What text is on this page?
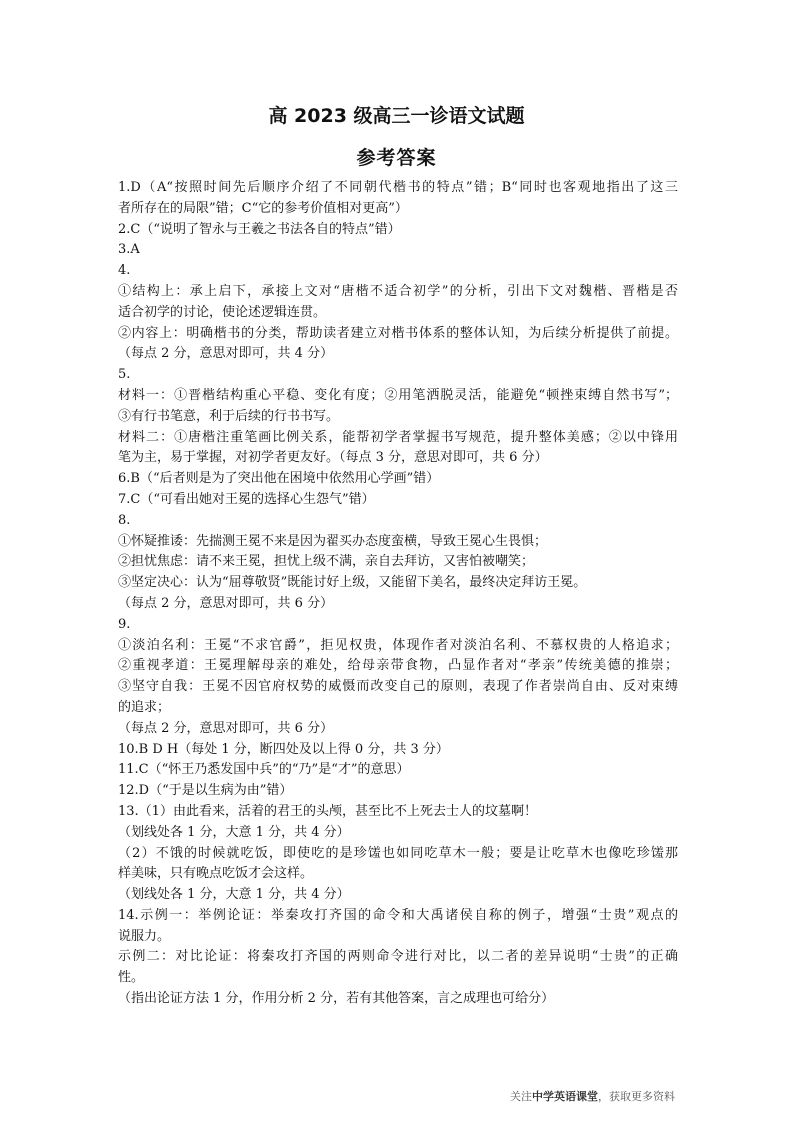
高 2023 级高三一诊语文试题
参考答案
1.D（A“按照时间先后顺序介绍了不同朝代楷书的特点”错；B“同时也客观地指出了这三
者所存在的局限”错；C“它的参考价值相对更高”）
2.C（“说明了智永与王羲之书法各自的特点”错）
3.A
4.
①结构上：承上启下，承接上文对“唐楷不适合初学”的分析，引出下文对魏楷、晋楷是否
适合初学的讨论，使论述逻辑连贯。
②内容上：明确楷书的分类，帮助读者建立对楷书体系的整体认知，为后续分析提供了前提。
（每点 2 分，意思对即可，共 4 分）
5.
材料一：①晋楷结构重心平稳、变化有度；②用笔洒脱灵活，能避免“顿挫束缚自然书写”；
③有行书笔意，利于后续的行书书写。
材料二：①唐楷注重笔画比例关系，能帮初学者掌握书写规范，提升整体美感；②以中锋用
笔为主，易于掌握，对初学者更友好。（每点 3 分，意思对即可，共 6 分）
6.B（“后者则是为了突出他在困境中依然用心学画”错）
7.C（“可看出她对王冕的选择心生怨气”错）
8.
①怀疑推诿：先揣测王冕不来是因为翟买办态度蛮横，导致王冕心生畏惧；
②担忧焦虑：请不来王冕，担忧上级不满，亲自去拜访，又害怕被嘲笑；
③坚定决心：认为“屈尊敬贤”既能讨好上级，又能留下美名，最终决定拜访王冕。
（每点 2 分，意思对即可，共 6 分）
9.
①淡泊名利：王冕“不求官爵”，拒见权贵，体现作者对淡泊名利、不慕权贵的人格追求；
②重视孝道：王冕理解母亲的难处，给母亲带食物，凸显作者对“孝亲”传统美德的推崇；
③坚守自我：王冕不因官府权势的威慑而改变自己的原则，表现了作者崇尚自由、反对束缚
的追求；
（每点 2 分，意思对即可，共 6 分）
10.B D H（每处 1 分，断四处及以上得 0 分，共 3 分）
11.C（“怀王乃悉发国中兵”的“乃”是“才”的意思）
12.D（“于是以生病为由”错）
13.（1）由此看来，活着的君王的头颅，甚至比不上死去士人的坟墓啊！
（划线处各 1 分，大意 1 分，共 4 分）
（2）不饿的时候就吃饭，即使吃的是珍馐也如同吃草木一般；要是让吃草木也像吃珍馐那
样美味，只有晚点吃饭才会这样。
（划线处各 1 分，大意 1 分，共 4 分）
14.示例一：举例论证：举秦攻打齐国的命令和大禹诸侯自称的例子，增强“士贵”观点的
说服力。
示例二：对比论证：将秦攻打齐国的两则命令进行对比，以二者的差异说明“士贵”的正确
性。
（指出论证方法 1 分，作用分析 2 分，若有其他答案，言之成理也可给分）
关注中学英语课堂，获取更多资料
